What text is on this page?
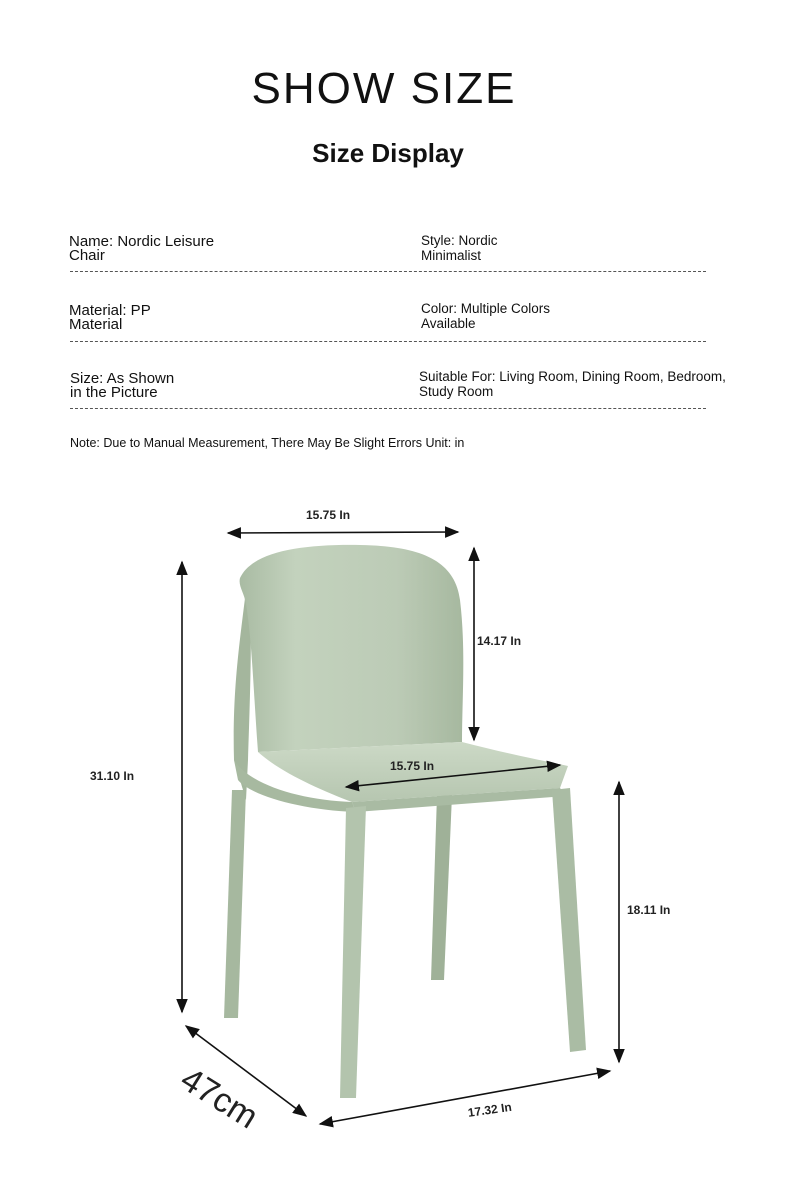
SHOW SIZE
Size Display
Name: Nordic Leisure
Chair
Style: Nordic
Minimalist
Material: PP
Material
Color: Multiple Colors
Available
Size: As Shown
in the Picture
Suitable For: Living Room, Dining Room, Bedroom,
Study Room
Note: Due to Manual Measurement, There May Be Slight Errors Unit: in
15.75 In
14.17 In
15.75 In
31.10 In
18.11 In
47cm	17.32 In
